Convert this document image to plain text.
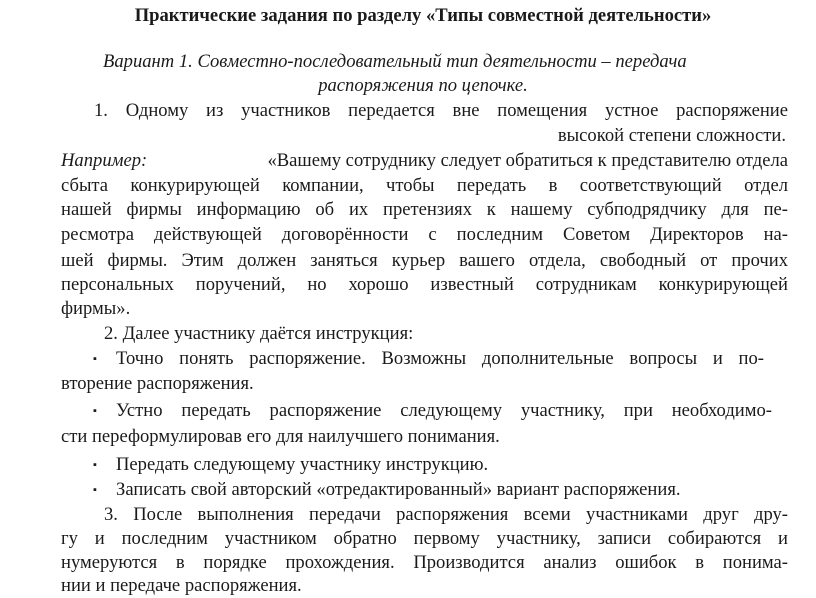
Практические задания по разделу «Типы совместной деятельности»
Вариант 1. Совместно-последовательный тип деятельности – передача
распоряжения по цепочке.
1. Одному из участников передается вне помещения устное распоряжение
высокой степени сложности.
Например:	«Вашему сотруднику следует обратиться к представителю отдела
сбыта конкурирующей компании, чтобы передать в соответствующий отдел
нашей фирмы информацию об их претензиях к нашему субподрядчику для пе-
ресмотра действующей договорённости с последним Советом Директоров на-
шей фирмы. Этим должен заняться курьер вашего отдела, свободный от прочих
персональных поручений, но хорошо известный сотрудникам конкурирующей
фирмы».
2. Далее участнику даётся инструкция:
▪ Точно понять распоряжение. Возможны дополнительные вопросы и по-
вторение распоряжения.
▪ Устно передать распоряжение следующему участнику, при необходимо-
сти переформулировав его для наилучшего понимания.
▪ Передать следующему участнику инструкцию.
▪ Записать свой авторский «отредактированный» вариант распоряжения.
3. После выполнения передачи распоряжения всеми участниками друг дру-
гу и последним участником обратно первому участнику, записи собираются и
нумеруются в порядке прохождения. Производится анализ ошибок в понима-
нии и передаче распоряжения.
